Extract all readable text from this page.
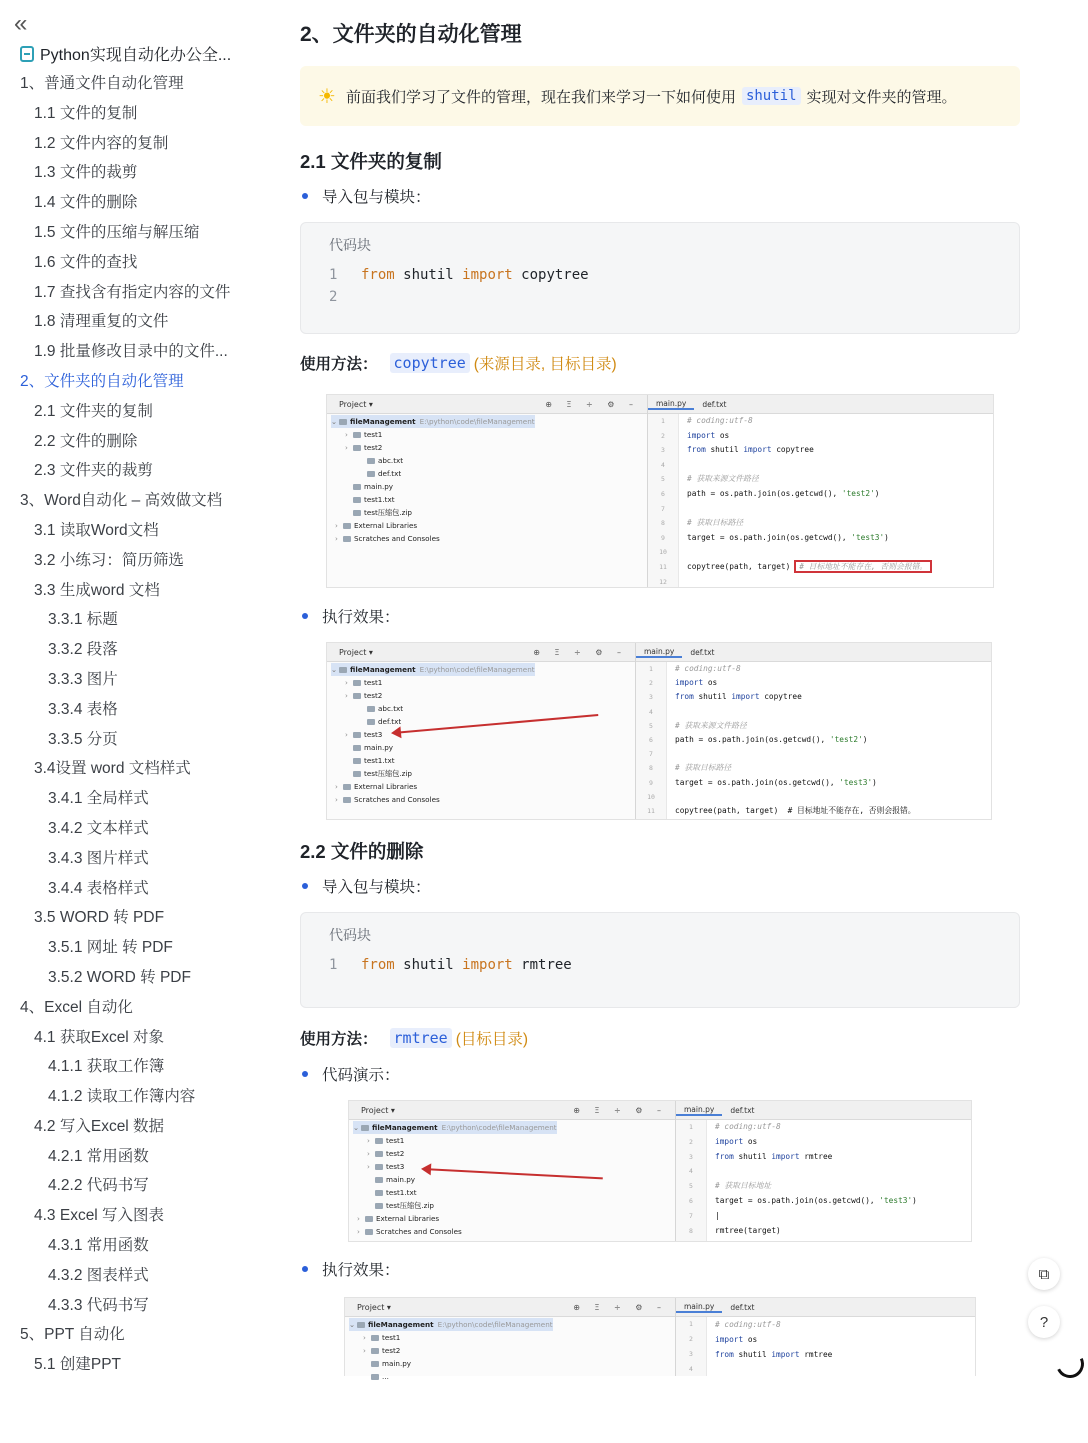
«
Python实现自动化办公全...
1、普通文件自动化管理
1.1 文件的复制
1.2 文件内容的复制
1.3 文件的裁剪
1.4 文件的删除
1.5 文件的压缩与解压缩
1.6 文件的查找
1.7 查找含有指定内容的文件
1.8 清理重复的文件
1.9 批量修改目录中的文件...
2、文件夹的自动化管理
2.1 文件夹的复制
2.2 文件的删除
2.3 文件夹的裁剪
3、Word自动化 – 高效做文档
3.1 读取Word文档
3.2 小练习：简历筛选
3.3 生成word 文档
3.3.1 标题
3.3.2 段落
3.3.3 图片
3.3.4 表格
3.3.5 分页
3.4设置 word 文档样式
3.4.1 全局样式
3.4.2 文本样式
3.4.3 图片样式
3.4.4 表格样式
3.5 WORD 转 PDF
3.5.1 网址 转 PDF
3.5.2 WORD 转 PDF
4、Excel 自动化
4.1 获取Excel 对象
4.1.1 获取工作簿
4.1.2 读取工作簿内容
4.2 写入Excel 数据
4.2.1 常用函数
4.2.2 代码书写
4.3 Excel 写入图表
4.3.1 常用函数
4.3.2 图表样式
4.3.3 代码书写
5、PPT 自动化
5.1 创建PPT
2、文件夹的自动化管理
☀ 前面我们学习了文件的管理，现在我们来学习一下如何使用 shutil 实现对文件夹的管理。
2.1 文件夹的复制
导入包与模块：
代码块
1 from shutil import copytree
2
使用方法： copytree (来源目录, 目标目录)
Project ▾	⊕ Ξ ÷ ⚙ –
⌄ fileManagement E:\python\code\fileManagement
› test1
› test2
abc.txt
def.txt
main.py
test1.txt
test压缩包.zip
› External Libraries
› Scratches and Consoles
main.py	def.txt
1
2
3
4
5
6
7
8
9
10
11
12
# coding:utf-8
import os
from shutil import copytree
# 获取来源文件路径
path = os.path.join(os.getcwd(), 'test2')
# 获取目标路径
target = os.path.join(os.getcwd(), 'test3')
copytree(path, target) # 目标地址不能存在, 否则会报错。
执行效果：
Project ▾	⊕ Ξ ÷ ⚙ –
⌄ fileManagement E:\python\code\fileManagement
› test1
› test2
abc.txt
def.txt
› test3
main.py
test1.txt
test压缩包.zip
› External Libraries
› Scratches and Consoles
main.py	def.txt
1
2
3
4
5
6
7
8
9
10
11
# coding:utf-8
import os
from shutil import copytree
# 获取来源文件路径
path = os.path.join(os.getcwd(), 'test2')
# 获取目标路径
target = os.path.join(os.getcwd(), 'test3')
copytree(path, target)  # 目标地址不能存在, 否则会报错。
2.2 文件的删除
导入包与模块：
代码块
1 from shutil import rmtree
使用方法： rmtree (目标目录)
代码演示：
Project ▾	⊕ Ξ ÷ ⚙ –
⌄ fileManagement E:\python\code\fileManagement
› test1
› test2
› test3
main.py
test1.txt
test压缩包.zip
› External Libraries
› Scratches and Consoles
main.py	def.txt
1
2
3
4
5
6
7
8
# coding:utf-8
import os
from shutil import rmtree
# 获取目标地址
target = os.path.join(os.getcwd(), 'test3')
|
rmtree(target)
执行效果：
Project ▾	⊕ Ξ ÷ ⚙ –
⌄ fileManagement E:\python\code\fileManagement
› test1
› test2
main.py
...
main.py	def.txt
1
2
3
4
# coding:utf-8
import os
from shutil import rmtree
⧉
?
